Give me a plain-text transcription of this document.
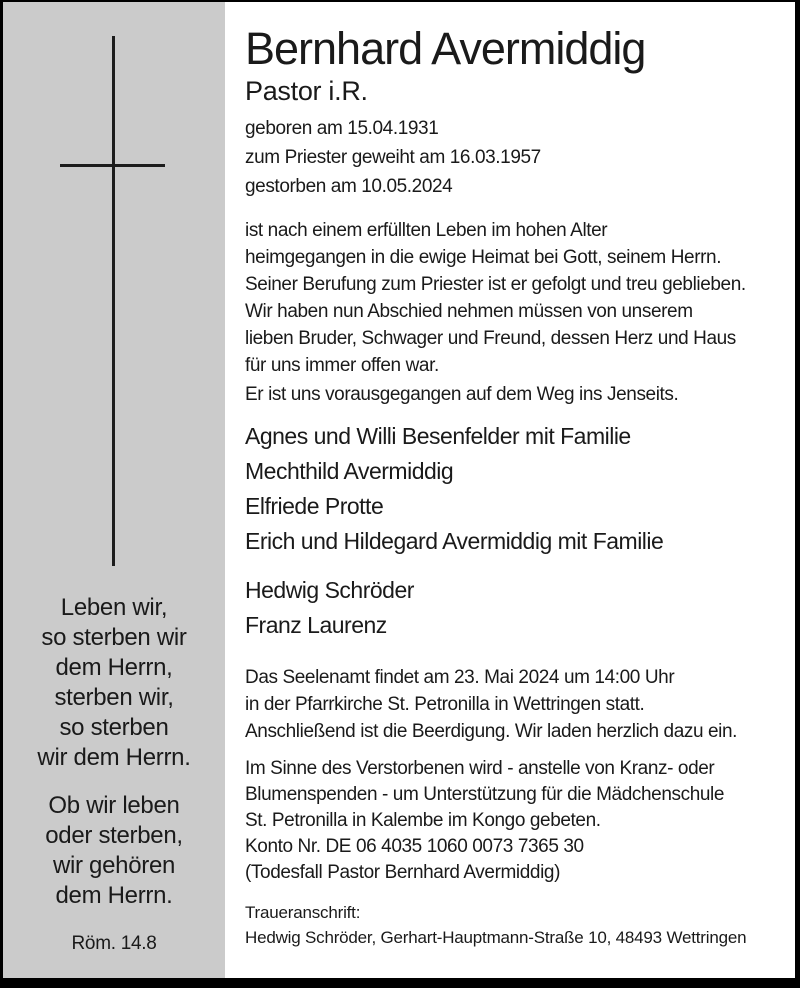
Leben wir,
so sterben wir
dem Herrn,
sterben wir,
so sterben
wir dem Herrn.
Ob wir leben
oder sterben,
wir gehören
dem Herrn.
Röm. 14.8
Bernhard Avermiddig
Pastor i.R.
geboren am 15.04.1931
zum Priester geweiht am 16.03.1957
gestorben am 10.05.2024
ist nach einem erfüllten Leben im hohen Alter
heimgegangen in die ewige Heimat bei Gott, seinem Herrn.
Seiner Berufung zum Priester ist er gefolgt und treu geblieben.
Wir haben nun Abschied nehmen müssen von unserem
lieben Bruder, Schwager und Freund, dessen Herz und Haus
für uns immer offen war.
Er ist uns vorausgegangen auf dem Weg ins Jenseits.
Agnes und Willi Besenfelder mit Familie
Mechthild Avermiddig
Elfriede Protte
Erich und Hildegard Avermiddig mit Familie
Hedwig Schröder
Franz Laurenz
Das Seelenamt findet am 23. Mai 2024 um 14:00 Uhr
in der Pfarrkirche St. Petronilla in Wettringen statt.
Anschließend ist die Beerdigung. Wir laden herzlich dazu ein.
Im Sinne des Verstorbenen wird - anstelle von Kranz- oder
Blumenspenden - um Unterstützung für die Mädchenschule
St. Petronilla in Kalembe im Kongo gebeten.
Konto Nr. DE 06 4035 1060 0073 7365 30
(Todesfall Pastor Bernhard Avermiddig)
Traueranschrift:
Hedwig Schröder, Gerhart-Hauptmann-Straße 10, 48493 Wettringen
